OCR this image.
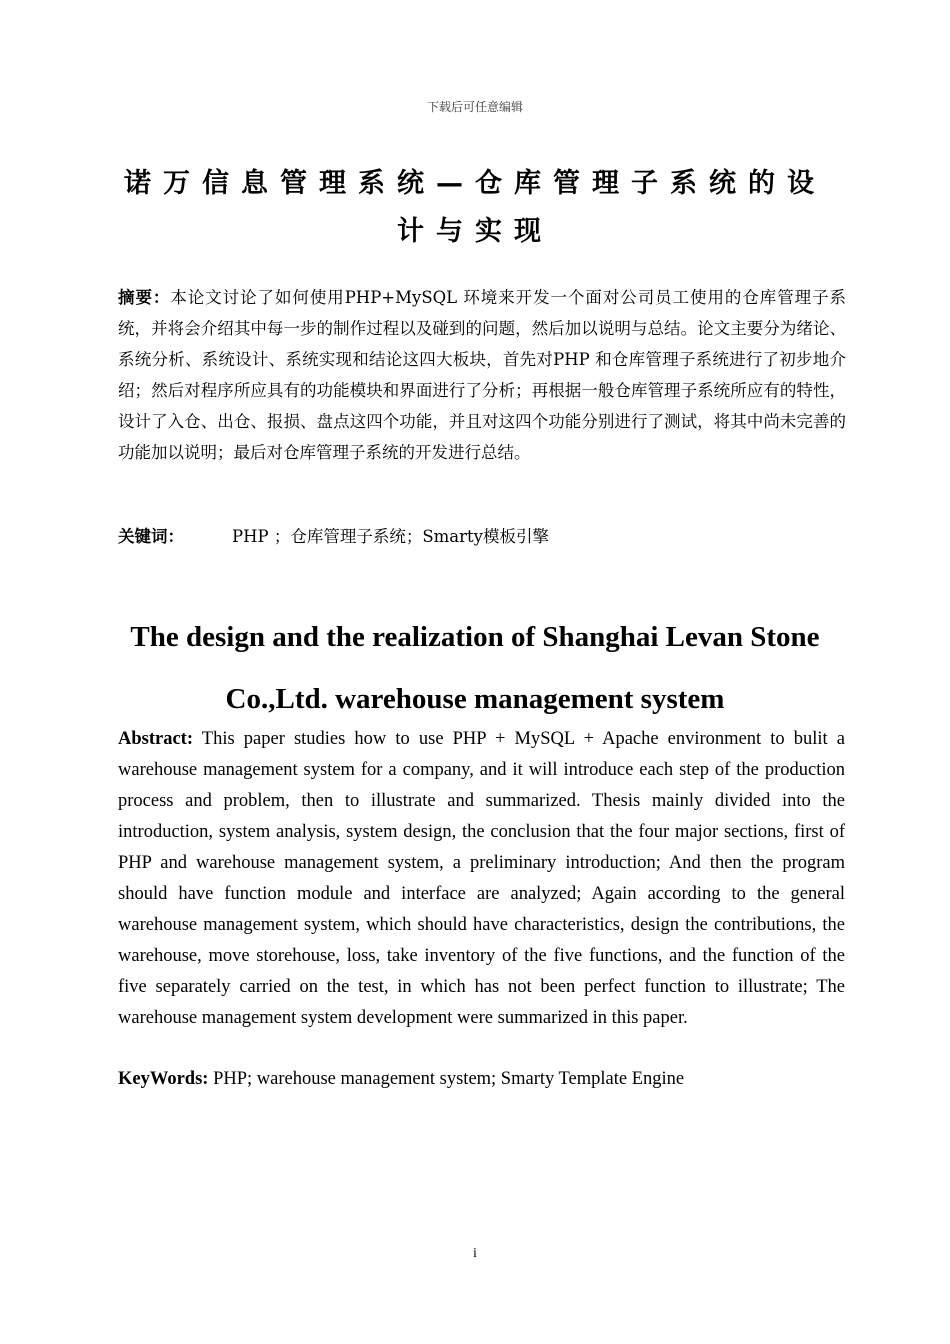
下载后可任意编辑
诺万信息管理系统—仓库管理子系统的设计与实现
摘要：本论文讨论了如何使用PHP+MySQL 环境来开发一个面对公司员工使用的仓库管理子系统，并将会介绍其中每一步的制作过程以及碰到的问题，然后加以说明与总结。论文主要分为绪论、系统分析、系统设计、系统实现和结论这四大板块，首先对PHP 和仓库管理子系统进行了初步地介绍；然后对程序所应具有的功能模块和界面进行了分析；再根据一般仓库管理子系统所应有的特性，设计了入仓、出仓、报损、盘点这四个功能，并且对这四个功能分别进行了测试，将其中尚未完善的功能加以说明；最后对仓库管理子系统的开发进行总结。
关键词：	PHP ；仓库管理子系统；Smarty模板引擎
The design and the realization of Shanghai Levan Stone Co.,Ltd. warehouse management system
Abstract: This paper studies how to use PHP + MySQL + Apache environment to bulit a warehouse management system for a company, and it will introduce each step of the production process and problem, then to illustrate and summarized. Thesis mainly divided into the introduction, system analysis, system design, the conclusion that the four major sections, first of PHP and warehouse management system, a preliminary introduction; And then the program should have function module and interface are analyzed; Again according to the general warehouse management system, which should have characteristics, design the contributions, the warehouse, move storehouse, loss, take inventory of the five functions, and the function of the five separately carried on the test, in which has not been perfect function to illustrate; The warehouse management system development were summarized in this paper.
KeyWords: PHP; warehouse management system; Smarty Template Engine
i
